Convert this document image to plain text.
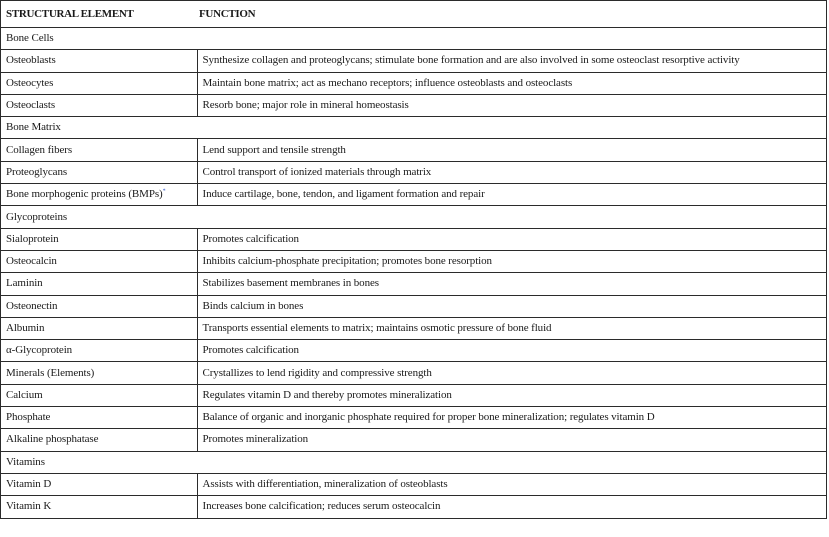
STRUCTURAL ELEMENT	FUNCTION
Bone Cells	
Osteoblasts	Synthesize collagen and proteoglycans; stimulate bone formation and are also involved in some osteoclast resorptive activity
Osteocytes	Maintain bone matrix; act as mechano receptors; influence osteoblasts and osteoclasts
Osteoclasts	Resorb bone; major role in mineral homeostasis
Bone Matrix	
Collagen fibers	Lend support and tensile strength
Proteoglycans	Control transport of ionized materials through matrix
Bone morphogenic proteins (BMPs)*	Induce cartilage, bone, tendon, and ligament formation and repair
Glycoproteins	
Sialoprotein	Promotes calcification
Osteocalcin	Inhibits calcium-phosphate precipitation; promotes bone resorption
Laminin	Stabilizes basement membranes in bones
Osteonectin	Binds calcium in bones
Albumin	Transports essential elements to matrix; maintains osmotic pressure of bone fluid
α-Glycoprotein	Promotes calcification
Minerals (Elements)	Crystallizes to lend rigidity and compressive strength
Calcium	Regulates vitamin D and thereby promotes mineralization
Phosphate	Balance of organic and inorganic phosphate required for proper bone mineralization; regulates vitamin D
Alkaline phosphatase	Promotes mineralization
Vitamins	
Vitamin D	Assists with differentiation, mineralization of osteoblasts
Vitamin K	Increases bone calcification; reduces serum osteocalcin
